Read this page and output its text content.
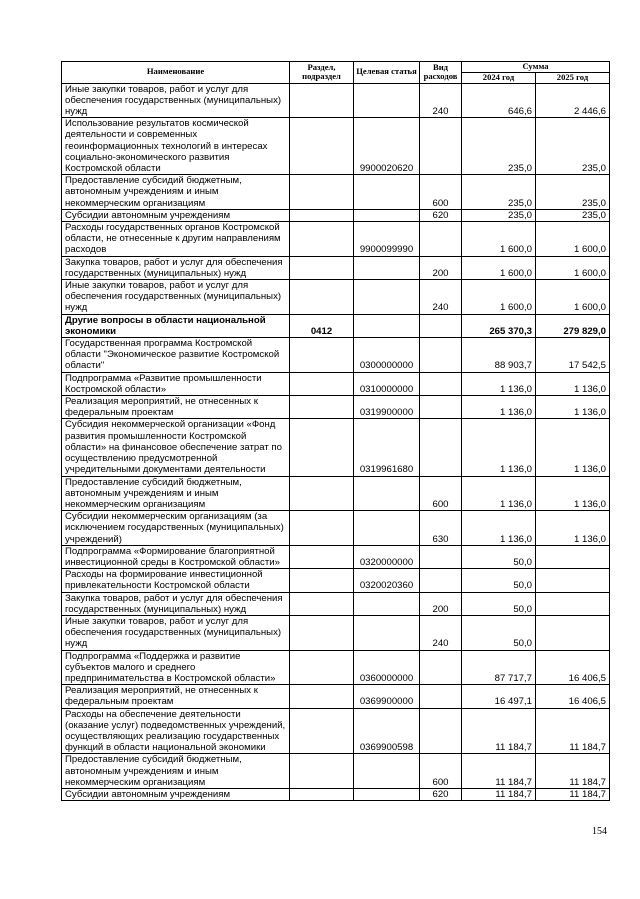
Наименование	Раздел, подраздел	Целевая статья	Вид расходов	Сумма	
				2024 год	2025 год
Иные закупки товаров, работ и услуг для обеспечения государственных (муниципальных) нужд			240	646,6	2 446,6
Использование результатов космической деятельности и современных геоинформационных технологий в интересах социально-экономического развития Костромской области		9900020620		235,0	235,0
Предоставление субсидий бюджетным, автономным учреждениям и иным некоммерческим организациям			600	235,0	235,0
Субсидии автономным учреждениям			620	235,0	235,0
Расходы государственных органов Костромской области, не отнесенные к другим направлениям расходов		9900099990		1 600,0	1 600,0
Закупка товаров, работ и услуг для обеспечения государственных (муниципальных) нужд			200	1 600,0	1 600,0
Иные закупки товаров, работ и услуг для обеспечения государственных (муниципальных) нужд			240	1 600,0	1 600,0
Другие вопросы в области национальной экономики	0412			265 370,3	279 829,0
Государственная программа Костромской области "Экономическое развитие Костромской области"		0300000000		88 903,7	17 542,5
Подпрограмма «Развитие промышленности Костромской области»		0310000000		1 136,0	1 136,0
Реализация мероприятий, не отнесенных к федеральным проектам		0319900000		1 136,0	1 136,0
Субсидия некоммерческой организации «Фонд развития промышленности Костромской области» на финансовое обеспечение затрат по осуществлению предусмотренной учредительными документами деятельности		0319961680		1 136,0	1 136,0
Предоставление субсидий бюджетным, автономным учреждениям и иным некоммерческим организациям			600	1 136,0	1 136,0
Субсидии некоммерческим организациям (за исключением государственных (муниципальных) учреждений)			630	1 136,0	1 136,0
Подпрограмма «Формирование благоприятной инвестиционной среды в Костромской области»		0320000000		50,0	
Расходы на формирование инвестиционной привлекательности Костромской области		0320020360		50,0	
Закупка товаров, работ и услуг для обеспечения государственных (муниципальных) нужд			200	50,0	
Иные закупки товаров, работ и услуг для обеспечения государственных (муниципальных) нужд			240	50,0	
Подпрограмма «Поддержка и развитие субъектов малого и среднего предпринимательства в Костромской области»		0360000000		87 717,7	16 406,5
Реализация мероприятий, не отнесенных к федеральным проектам		0369900000		16 497,1	16 406,5
Расходы на обеспечение деятельности (оказание услуг) подведомственных учреждений, осуществляющих реализацию государственных функций в области национальной экономики		0369900598		11 184,7	11 184,7
Предоставление субсидий бюджетным, автономным учреждениям и иным некоммерческим организациям			600	11 184,7	11 184,7
Субсидии автономным учреждениям			620	11 184,7	11 184,7
154
